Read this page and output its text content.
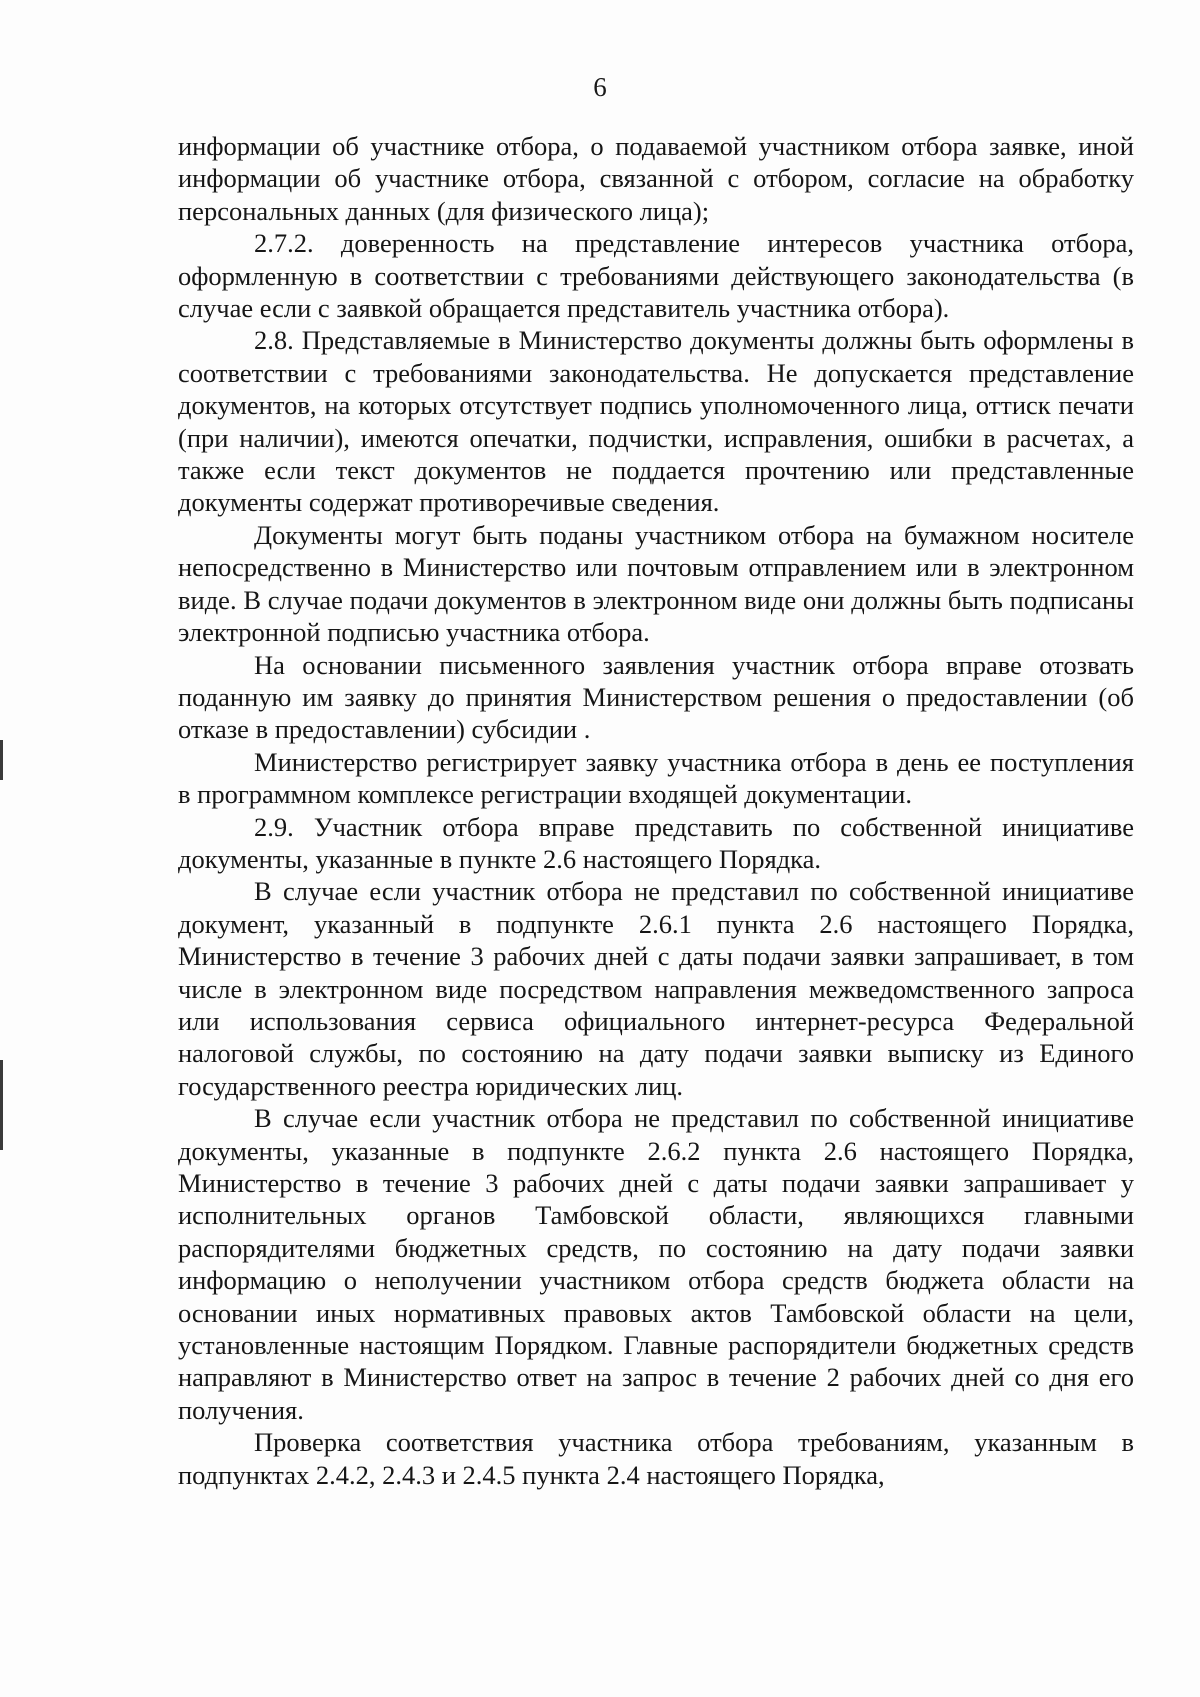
6

информации об участнике отбора, о подаваемой участником отбора заявке, иной информации об участнике отбора, связанной с отбором, согласие на обработку персональных данных (для физического лица);

2.7.2. доверенность на представление интересов участника отбора, оформленную в соответствии с требованиями действующего законодательства (в случае если с заявкой обращается представитель участника отбора).

2.8. Представляемые в Министерство документы должны быть оформлены в соответствии с требованиями законодательства. Не допускается представление документов, на которых отсутствует подпись уполномоченного лица, оттиск печати (при наличии), имеются опечатки, подчистки, исправления, ошибки в расчетах, а также если текст документов не поддается прочтению или представленные документы содержат противоречивые сведения.

Документы могут быть поданы участником отбора на бумажном носителе непосредственно в Министерство или почтовым отправлением или в электронном виде. В случае подачи документов в электронном виде они должны быть подписаны электронной подписью участника отбора.

На основании письменного заявления участник отбора вправе отозвать поданную им заявку до принятия Министерством решения о предоставлении (об отказе в предоставлении) субсидии .

Министерство регистрирует заявку участника отбора в день ее поступления в программном комплексе регистрации входящей документации.

2.9. Участник отбора вправе представить по собственной инициативе документы, указанные в пункте 2.6 настоящего Порядка.

В случае если участник отбора не представил по собственной инициативе документ, указанный в подпункте 2.6.1 пункта 2.6 настоящего Порядка, Министерство в течение 3 рабочих дней с даты подачи заявки запрашивает, в том числе в электронном виде посредством направления межведомственного запроса или использования сервиса официального интернет-ресурса Федеральной налоговой службы, по состоянию на дату подачи заявки выписку из Единого государственного реестра юридических лиц.

В случае если участник отбора не представил по собственной инициативе документы, указанные в подпункте 2.6.2 пункта 2.6 настоящего Порядка, Министерство в течение 3 рабочих дней с даты подачи заявки запрашивает у исполнительных органов Тамбовской области, являющихся главными распорядителями бюджетных средств, по состоянию на дату подачи заявки информацию о неполучении участником отбора средств бюджета области на основании иных нормативных правовых актов Тамбовской области на цели, установленные настоящим Порядком. Главные распорядители бюджетных средств направляют в Министерство ответ на запрос в течение 2 рабочих дней со дня его получения.

Проверка соответствия участника отбора требованиям, указанным в подпунктах 2.4.2, 2.4.3 и 2.4.5 пункта 2.4 настоящего Порядка,
